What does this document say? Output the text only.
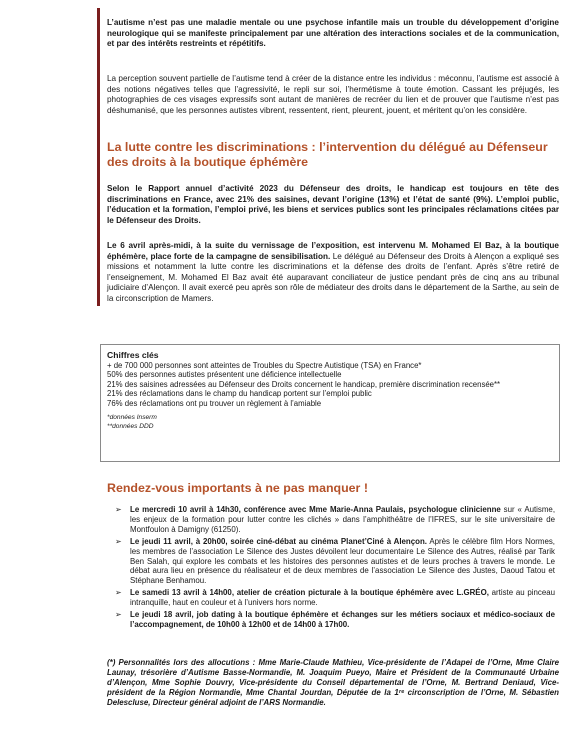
L’autisme n’est pas une maladie mentale ou une psychose infantile mais un trouble du développement d’origine neurologique qui se manifeste principalement par une altération des interactions sociales et de la communication, et par des intérêts restreints et répétitifs.

La perception souvent partielle de l’autisme tend à créer de la distance entre les individus : méconnu, l’autisme est associé à des notions négatives telles que l’agressivité, le repli sur soi, l’hermétisme à toute émotion. Cassant les préjugés, les photographies de ces visages expressifs sont autant de manières de recréer du lien et de prouver que l’autisme n’est pas déshumanisé, que les personnes autistes vibrent, ressentent, rient, pleurent, jouent, et méritent qu’on les considère.

La lutte contre les discriminations : l’intervention du délégué au Défenseur des droits à la boutique éphémère

Selon le Rapport annuel d’activité 2023 du Défenseur des droits, le handicap est toujours en tête des discriminations en France, avec 21% des saisines, devant l’origine (13%) et l’état de santé (9%). L’emploi public, l’éducation et la formation, l’emploi privé, les biens et services publics sont les principales réclamations citées par le Défenseur des Droits.

Le 6 avril après-midi, à la suite du vernissage de l’exposition, est intervenu M. Mohamed El Baz, à la boutique éphémère, place forte de la campagne de sensibilisation. Le délégué au Défenseur des Droits à Alençon a expliqué ses missions et notamment la lutte contre les discriminations et la défense des droits de l’enfant. Après s’être retiré de l’enseignement, M. Mohamed El Baz avait été auparavant conciliateur de justice pendant près de cinq ans au tribunal judiciaire d’Alençon. Il avait exercé peu après son rôle de médiateur des droits dans le département de la Sarthe, au sein de la circonscription de Mamers.

Chiffres clés
+ de 700 000 personnes sont atteintes de Troubles du Spectre Autistique (TSA) en France*
50% des personnes autistes présentent une déficience intellectuelle
21% des saisines adressées au Défenseur des Droits concernent le handicap, première discrimination recensée**
21% des réclamations dans le champ du handicap portent sur l’emploi public
76% des réclamations ont pu trouver un règlement à l’amiable
*données Inserm
**données DDD
Rendez-vous importants à ne pas manquer !
➢ Le mercredi 10 avril à 14h30, conférence avec Mme Marie-Anna Paulais, psychologue clinicienne sur « Autisme, les enjeux de la formation pour lutter contre les clichés » dans l’amphithéâtre de l’IFRES, sur le site universitaire de Montfoulon à Damigny (61250).
➢ Le jeudi 11 avril, à 20h00, soirée ciné-débat au cinéma Planet’Ciné à Alençon. Après le célèbre film Hors Normes, les membres de l’association Le Silence des Justes dévoilent leur documentaire Le Silence des Autres, réalisé par Tarik Ben Salah, qui explore les combats et les histoires des personnes autistes et de leurs proches à travers le monde. Le débat aura lieu en présence du réalisateur et de deux membres de l’association Le Silence des Justes, Daoud Tatou et Stéphane Benhamou.
➢ Le samedi 13 avril à 14h00, atelier de création picturale à la boutique éphémère avec L.GRÉO, artiste au pinceau intranquille, haut en couleur et à l’univers hors norme.
➢ Le jeudi 18 avril, job dating à la boutique éphémère et échanges sur les métiers sociaux et médico-sociaux de l’accompagnement, de 10h00 à 12h00 et de 14h00 à 17h00.

(*) Personnalités lors des allocutions : Mme Marie-Claude Mathieu, Vice-présidente de l’Adapei de l’Orne, Mme Claire Launay, trésorière d’Autisme Basse-Normandie, M. Joaquim Pueyo, Maire et Président de la Communauté Urbaine d’Alençon, Mme Sophie Douvry, Vice-présidente du Conseil départemental de l’Orne, M. Bertrand Deniaud, Vice-président de la Région Normandie, Mme Chantal Jourdan, Députée de la 1ʳᵉ circonscription de l’Orne, M. Sébastien Delescluse, Directeur général adjoint de l’ARS Normandie.
